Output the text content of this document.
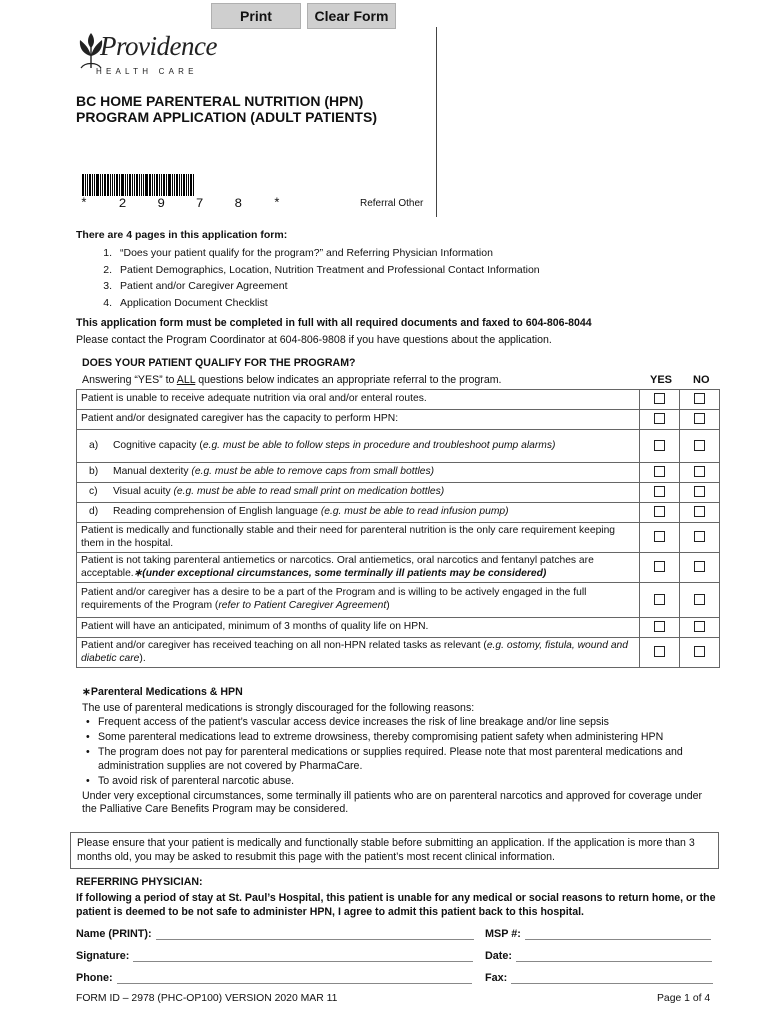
Print	Clear Form
Providence
HEALTH CARE
BC HOME PARENTERAL NUTRITION (HPN)
PROGRAM APPLICATION (ADULT PATIENTS)
* 2 9 7 8 *	Referral Other
There are 4 pages in this application form:
1. “Does your patient qualify for the program?” and Referring Physician Information
2. Patient Demographics, Location, Nutrition Treatment and Professional Contact Information
3. Patient and/or Caregiver Agreement
4. Application Document Checklist
This application form must be completed in full with all required documents and faxed to 604-806-8044
Please contact the Program Coordinator at 604-806-9808 if you have questions about the application.
DOES YOUR PATIENT QUALIFY FOR THE PROGRAM?
Answering “YES” to ALL questions below indicates an appropriate referral to the program.	YES NO
Patient is unable to receive adequate nutrition via oral and/or enteral routes.		
Patient and/or designated caregiver has the capacity to perform HPN:		

a) Cognitive capacity (e.g. must be able to follow steps in procedure and troubleshoot pump alarms)		

b) Manual dexterity (e.g. must be able to remove caps from small bottles)		

c) Visual acuity (e.g. must be able to read small print on medication bottles)		

d) Reading comprehension of English language (e.g. must be able to read infusion pump)		

Patient is medically and functionally stable and their need for parenteral nutrition is the only care requirement keeping them in the hospital.		
Patient is not taking parenteral antiemetics or narcotics. Oral antiemetics, oral narcotics and fentanyl patches are acceptable.∗(under exceptional circumstances, some terminally ill patients may be considered)		
Patient and/or caregiver has a desire to be a part of the Program and is willing to be actively engaged in the full requirements of the Program (refer to Patient Caregiver Agreement)		
Patient will have an anticipated, minimum of 3 months of quality life on HPN.		
Patient and/or caregiver has received teaching on all non-HPN related tasks as relevant (e.g. ostomy, fistula, wound and diabetic care).		
∗Parenteral Medications & HPN
The use of parenteral medications is strongly discouraged for the following reasons:
• Frequent access of the patient’s vascular access device increases the risk of line breakage and/or line sepsis
• Some parenteral medications lead to extreme drowsiness, thereby compromising patient safety when administering HPN
• The program does not pay for parenteral medications or supplies required. Please note that most parenteral medications and administration supplies are not covered by PharmaCare.
• To avoid risk of parenteral narcotic abuse.
Under very exceptional circumstances, some terminally ill patients who are on parenteral narcotics and approved for coverage under the Palliative Care Benefits Program may be considered.
Please ensure that your patient is medically and functionally stable before submitting an application. If the application is more than 3 months old, you may be asked to resubmit this page with the patient’s most recent clinical information.
REFERRING PHYSICIAN:
If following a period of stay at St. Paul’s Hospital, this patient is unable for any medical or social reasons to return home, or the patient is deemed to be not safe to administer HPN, I agree to admit this patient back to this hospital.
Name (PRINT):	MSP #:
Signature:	Date:
Phone:	Fax:
FORM ID – 2978 (PHC-OP100) VERSION 2020 MAR 11	Page 1 of 4
